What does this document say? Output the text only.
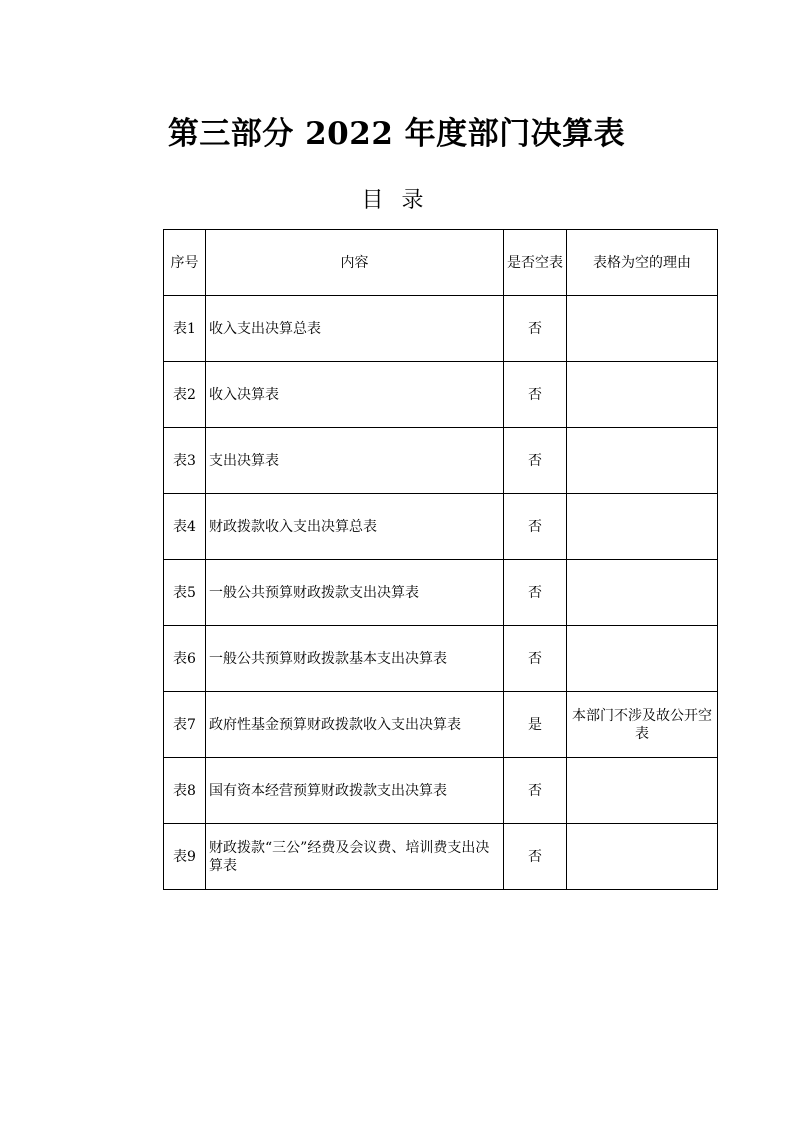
第三部分 2022 年度部门决算表
目录
序号	内容	是否空表	表格为空的理由
表1	收入支出决算总表	否	
表2	收入决算表	否	
表3	支出决算表	否	
表4	财政拨款收入支出决算总表	否	
表5	一般公共预算财政拨款支出决算表	否	
表6	一般公共预算财政拨款基本支出决算表	否	
表7	政府性基金预算财政拨款收入支出决算表	是	本部门不涉及故公开空表
表8	国有资本经营预算财政拨款支出决算表	否	
表9	财政拨款“三公”经费及会议费、培训费支出决算表	否	
